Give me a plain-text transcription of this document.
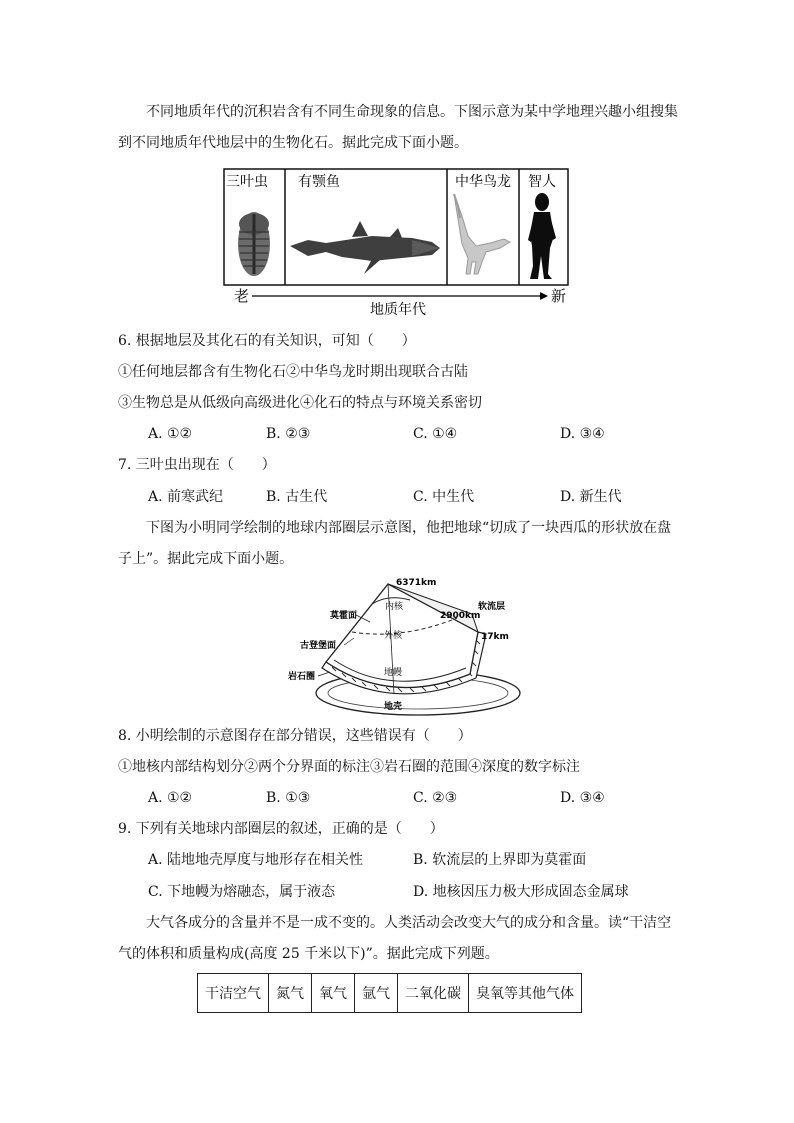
不同地质年代的沉积岩含有不同生命现象的信息。下图示意为某中学地理兴趣小组搜集
到不同地质年代地层中的生物化石。据此完成下面小题。
三叶虫 有颚鱼	中华鸟龙 智人
老	新
地质年代
6. 根据地层及其化石的有关知识，可知（　　）
①任何地层都含有生物化石②中华鸟龙时期出现联合古陆
③生物总是从低级向高级进化④化石的特点与环境关系密切
A. ①②	B. ②③	C. ①④	D. ③④
7. 三叶虫出现在（　　）
A. 前寒武纪	B. 古生代	C. 中生代	D. 新生代
下图为小明同学绘制的地球内部圈层示意图，他把地球“切成了一块西瓜的形状放在盘
子上”。据此完成下面小题。
6371km
内核
外核
地幔
地壳
莫霍面
古登堡面
岩石圈
软流层
2900km
17km
8. 小明绘制的示意图存在部分错误，这些错误有（　　）
①地核内部结构划分②两个分界面的标注③岩石圈的范围④深度的数字标注
A. ①②	B. ①③	C. ②③	D. ③④
9. 下列有关地球内部圈层的叙述，正确的是（　　）
A. 陆地地壳厚度与地形存在相关性	B. 软流层的上界即为莫霍面
C. 下地幔为熔融态，属于液态	D. 地核因压力极大形成固态金属球
大气各成分的含量并不是一成不变的。人类活动会改变大气的成分和含量。读“干洁空
气的体积和质量构成(高度 25 千米以下)”。据此完成下列题。
干洁空气	氮气	氧气	氩气	二氧化碳	臭氧等其他气体
